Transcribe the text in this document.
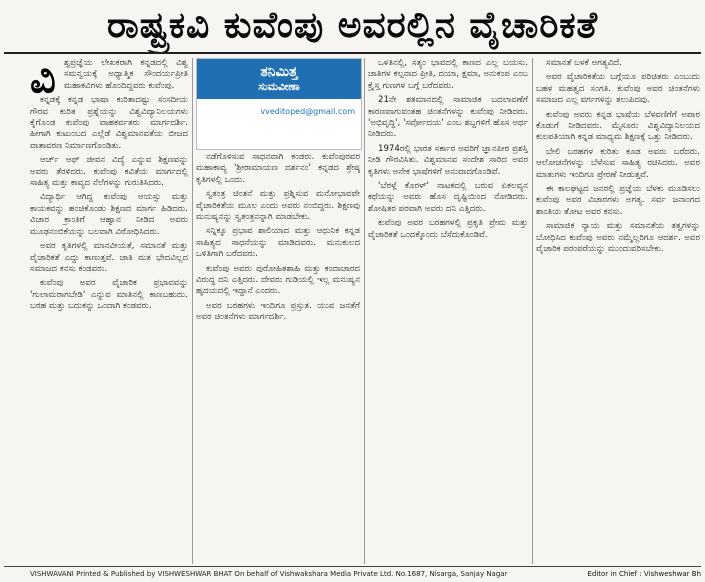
ರಾಷ್ಟ್ರಕವಿ ಕುವೆಂಪು ಅವರಲ್ಲಿನ ವೈಚಾರಿಕತೆ
ವಿ ಶ್ವಪ್ರಜ್ಞೆಯ ಲೇಖಕರಾಗಿ ಕನ್ನಡದಲ್ಲಿ ವಿಶ್ವ ಸಮನ್ವಯಕ್ಕೆ ಅಧ್ಯಾತ್ಮಿಕ ಸೌಂದರ್ಯಪ್ರೀತಿ ಮಹಾಕವಿಗಳು ಹೊಂದಿದ್ದವರು ಕುವೆಂಪು.

ಕನ್ನಡಕ್ಕೆ ಕನ್ನಡ ಭಾಷಾ ಕುರಿತಾದಷ್ಟು ಸಂಸದೀಯ ಗೌರವ ಕುರಿತ ಪ್ರಶ್ನೆಯನ್ನು ವಿಶ್ವವಿದ್ಯಾನಿಲಯಗಳು ಕೈಗೊಂಡ ಕುವೆಂಪು ವಾಹಕರ್ವತರು ಮಾರ್ಗದರ್ಶಿ. ಹೀಗಾಗಿ ಕುಟುಂಬದ ಎಲ್ಲೆಡೆ ವಿಶ್ವಮಾನವತೆಯ ಬೀಜದ ವಾತಾವರಣ ನಿರ್ಮಾಣಗೊಂಡಿತು.

ಆರ್ಚ್ ಆಫ್ ಜೀವನ ವಿದ್ಯೆ ಎನ್ನುವ ಶಿಕ್ಷಣವನ್ನು ಅವರು ತೆರಳಿದರು. ಕುವೆಂಪು ಕವಿತೆಯ ಮಾರ್ಗದಲ್ಲಿ ಸಾಹಿತ್ಯ ಮತ್ತು ಕಾವ್ಯದ ನೆಲೆಗಳನ್ನು ಗುರುತಿಸಿದರು.

ವಿದ್ಯಾರ್ಥಿ ಆಗಿದ್ದ ಕುವೆಂಪು ಆಯಸ್ಸು ಮತ್ತು ಕಾಯಕವನ್ನು ಹಂಚಿಕೊಂಡು ಶಿಕ್ಷಣದ ಮಾರ್ಗ ಹಿಡಿದರು. ವಿಚಾರ ಕ್ರಾಂತಿಗೆ ಆಹ್ವಾನ ನೀಡಿದ ಅವರು ಮೂಢನಂಬಿಕೆಯನ್ನು ಬಲವಾಗಿ ವಿರೋಧಿಸಿದರು.

ಅವರ ಕೃತಿಗಳಲ್ಲಿ ಮಾನವೀಯತೆ, ಸಮಾನತೆ ಮತ್ತು ವೈಚಾರಿಕತೆ ಎದ್ದು ಕಾಣುತ್ತವೆ. ಜಾತಿ ಮತ ಭೇದವಿಲ್ಲದ ಸಮಾಜದ ಕನಸು ಕಂಡವರು.

ಕುವೆಂಪು ಅವರ ವೈಚಾರಿಕ ಪ್ರಭಾವವನ್ನು 'ಗುಲಾಮರಾಗಬೇಡಿ' ಎನ್ನುವ ಮಾತಿನಲ್ಲಿ ಕಾಣಬಹುದು. ಬರಹ ಮತ್ತು ಬದುಕನ್ನು ಒಂದಾಗಿ ಕಂಡವರು.

ತನಿಮಿತ್ತ
ಸುಮವೀಣಾ
vveditoped@gmail.com

ನಡೆಗೊಳಿಸುವ ಸಾಧನವಾಗಿ ಕಂಡರು. ಕುವೆಂಪುರವರ ಮಹಾಕಾವ್ಯ 'ಶ್ರೀರಾಮಾಯಣ ದರ್ಶನಂ' ಕನ್ನಡದ ಶ್ರೇಷ್ಠ ಕೃತಿಗಳಲ್ಲಿ ಒಂದು.

ಸ್ವತಂತ್ರ ಚಿಂತನೆ ಮತ್ತು ಪ್ರಶ್ನಿಸುವ ಮನೋಭಾವವೇ ವೈಚಾರಿಕತೆಯ ಮೂಲ ಎಂದು ಅವರು ನಂಬಿದ್ದರು. ಶಿಕ್ಷಣವು ಮನುಷ್ಯನನ್ನು ಸ್ವತಂತ್ರನನ್ನಾಗಿ ಮಾಡಬೇಕು.

ಸನ್ನಿಕ್ಕೂ ಪ್ರಭಾವ ಶಾಲಿಯಾದ ಮತ್ತು ಆಧುನಿಕ ಕನ್ನಡ ಸಾಹಿತ್ಯದ ಸಾಧನೆಯನ್ನು ಮಾಡಿದವರು. ಮನುಕುಲದ ಒಳಿತಿಗಾಗಿ ಬರೆದವರು.

ಕುವೆಂಪು ಅವರು ಪುರೋಹಿತಶಾಹಿ ಮತ್ತು ಕಂದಾಚಾರದ ವಿರುದ್ಧ ದನಿ ಎತ್ತಿದರು. ದೇವರು ಗುಡಿಯಲ್ಲಿ ಇಲ್ಲ ಮನುಷ್ಯನ ಹೃದಯದಲ್ಲಿ ಇದ್ದಾನೆ ಎಂದರು.

ಅವರ ಬರಹಗಳು ಇಂದಿಗೂ ಪ್ರಸ್ತುತ. ಯುವ ಜನತೆಗೆ ಅವರ ಚಿಂತನೆಗಳು ಮಾರ್ಗದರ್ಶಿ.

ಒಳತಿನಲ್ಲಿ, ಸತ್ಯಂ ಭಾವದಲ್ಲಿ ಕಾಣದ ಎಲ್ಲ ಬಯಸು. ಜಾತಿಗಳ ಕಲ್ಪನಾದ ಪ್ರೀತಿ, ದಯಾ, ಕ್ಷಮಾ, ಅನುಕಂಪ ಎಂಬ ಕ್ರೈಸ್ತ ಗುಣಗಳ ಬಗ್ಗೆ ಬರೆದವರು.

21ನೇ ಶತಮಾನದಲ್ಲಿ ಸಾಮಾಜಿಕ ಬದಲಾವಣೆಗೆ ಕಾರಣವಾಗುವಂತಹ ಚಿಂತನೆಗಳನ್ನು ಕುವೆಂಪು ನೀಡಿದರು. 'ಅಭಿವೃದ್ಧಿ', 'ಸರ್ವೋದಯ' ಎಂಬ ಶಬ್ದಗಳಿಗೆ ಹೊಸ ಅರ್ಥ ನೀಡಿದರು.

1974ರಲ್ಲಿ ಭಾರತ ಸರ್ಕಾರ ಅವರಿಗೆ ಜ್ಞಾನಪೀಠ ಪ್ರಶಸ್ತಿ ನೀಡಿ ಗೌರವಿಸಿತು. ವಿಶ್ವಮಾನವ ಸಂದೇಶ ಸಾರಿದ ಅವರ ಕೃತಿಗಳು ಅನೇಕ ಭಾಷೆಗಳಿಗೆ ಅನುವಾದಗೊಂಡಿವೆ.

'ಬೆರಳ್ಗೆ ಕೊರಳ್' ನಾಟಕದಲ್ಲಿ ಬರುವ ಏಕಲವ್ಯನ ಕಥೆಯನ್ನು ಅವರು ಹೊಸ ದೃಷ್ಟಿಯಿಂದ ನೋಡಿದರು. ಶೋಷಿತರ ಪರವಾಗಿ ಅವರು ದನಿ ಎತ್ತಿದರು.

ಕುವೆಂಪು ಅವರ ಬರಹಗಳಲ್ಲಿ ಪ್ರಕೃತಿ ಪ್ರೇಮ ಮತ್ತು ವೈಚಾರಿಕತೆ ಒಂದಕ್ಕೊಂದು ಬೆಸೆದುಕೊಂಡಿವೆ.

ಸಮಾನತೆ ಬಳಕೆ ಅಗತ್ಯವಿದೆ.

ಅವರ ವೈಚಾರಿಕತೆಯ ಬಗ್ಗೆಯೂ ಪರಿಚಿತರು ಎಂಬುದು ಬಹಳ ಮಹತ್ವದ ಸಂಗತಿ. ಕುವೆಂಪು ಅವರ ಚಿಂತನೆಗಳು ಸಮಾಜದ ಎಲ್ಲ ವರ್ಗಗಳನ್ನು ತಲುಪಿದವು.

ಕುವೆಂಪು ಅವರು ಕನ್ನಡ ಭಾಷೆಯ ಬೆಳವಣಿಗೆಗೆ ಅಪಾರ ಕೊಡುಗೆ ನೀಡಿದವರು. ಮೈಸೂರು ವಿಶ್ವವಿದ್ಯಾನಿಲಯದ ಕುಲಪತಿಯಾಗಿ ಕನ್ನಡ ಮಾಧ್ಯಮ ಶಿಕ್ಷಣಕ್ಕೆ ಒತ್ತು ನೀಡಿದರು.

ಬೇಲಿ ಬರಹಗಳ ಕುರಿತು ಕೂಡ ಅವರು ಬರೆದರು. ಆಲೋಚನೆಗಳನ್ನು ಬೆಳೆಸುವ ಸಾಹಿತ್ಯ ರಚಿಸಿದರು. ಅವರ ಮಾತುಗಳು ಇಂದಿಗೂ ಪ್ರೇರಣೆ ನೀಡುತ್ತವೆ.

ಈ ಕಾಲಘಟ್ಟದ ಜನರಲ್ಲಿ ಪ್ರಜ್ಞೆಯ ಬೆಳಕು ಮೂಡಿಸಲು ಕುವೆಂಪು ಅವರ ವಿಚಾರಗಳು ಅಗತ್ಯ. ಸರ್ವ ಜನಾಂಗದ ಶಾಂತಿಯ ತೋಟ ಅವರ ಕನಸು.

ಸಾಮಾಜಿಕ ನ್ಯಾಯ ಮತ್ತು ಸಮಾನತೆಯ ತತ್ವಗಳನ್ನು ಬೋಧಿಸಿದ ಕುವೆಂಪು ಅವರು ನಮ್ಮೆಲ್ಲರಿಗೂ ಆದರ್ಶ. ಅವರ ವೈಚಾರಿಕ ಪರಂಪರೆಯನ್ನು ಮುಂದುವರಿಸಬೇಕು.

VISHWAVANI Printed & Published by VISHWESHWAR BHAT On behalf of Vishwakshara Media Private Ltd. No.1687, Nisarga, Sanjay Nagar	Editor in Chief : Vishweshwar Bh
